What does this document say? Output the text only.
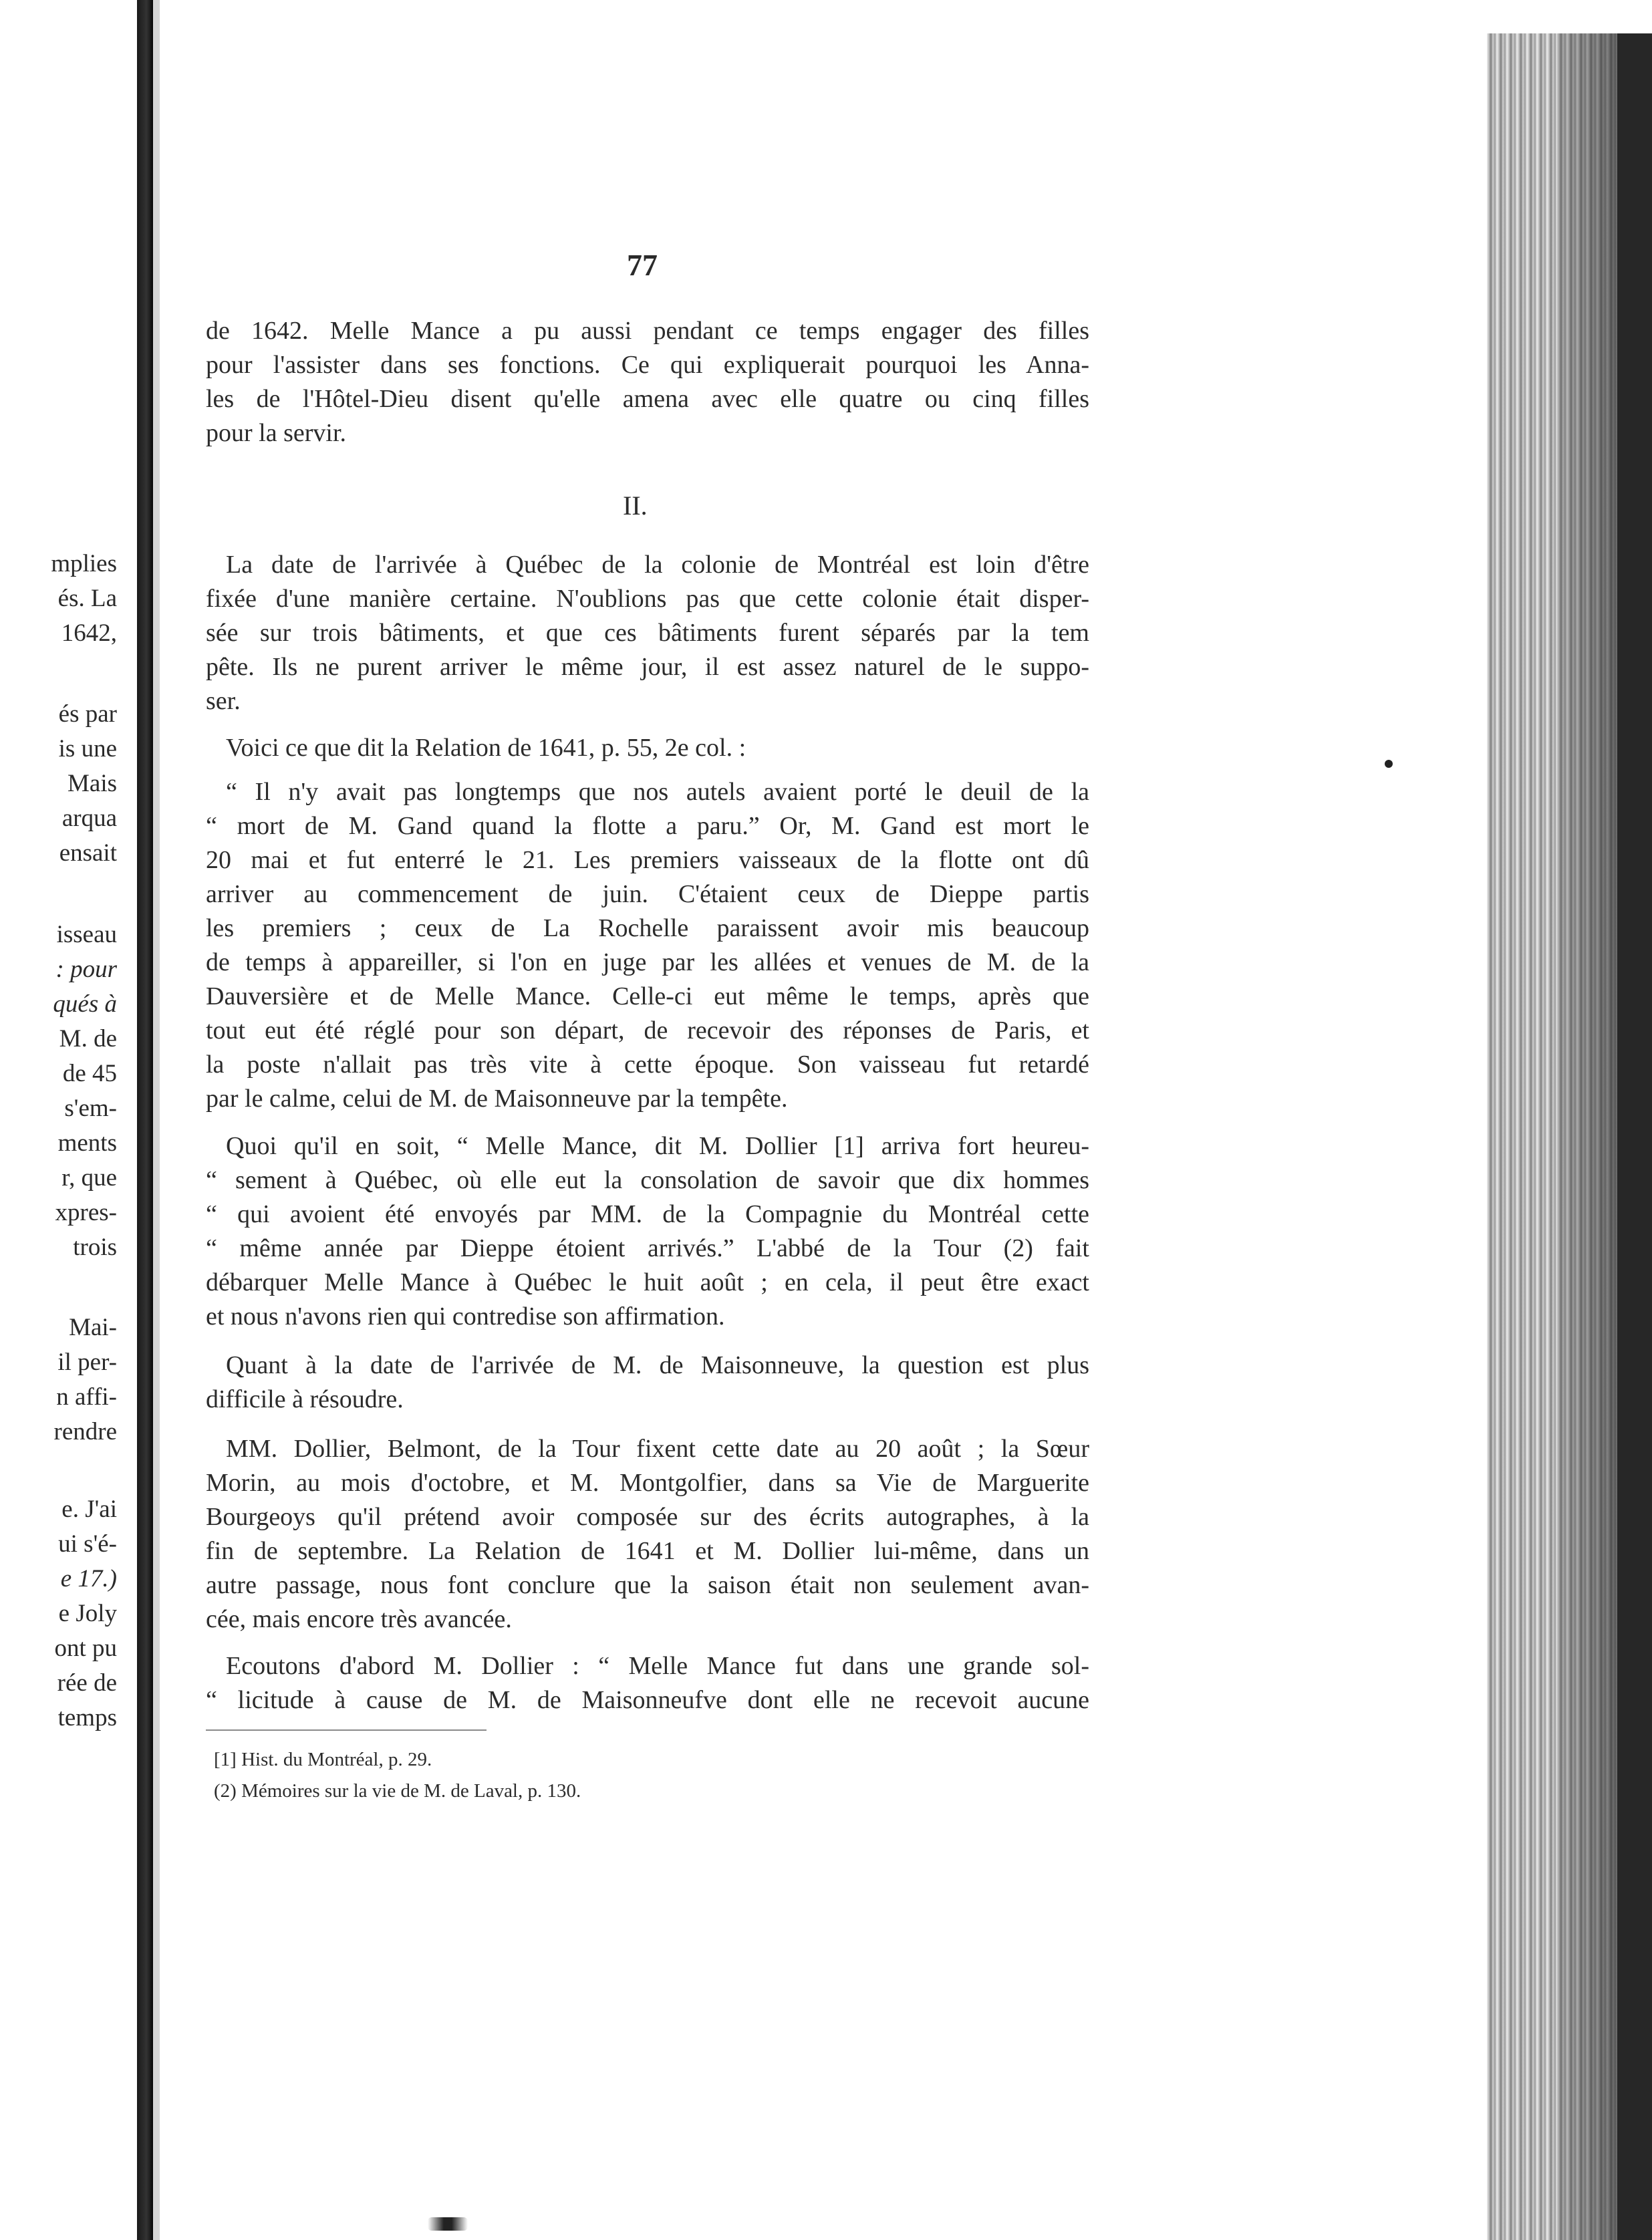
mplies
és. La
1642,
és par
is une
Mais
arqua
ensait
isseau
: pour
qués à
M. de
de 45
s'em-
ments
r, que
xpres-
trois
Mai-
il per-
n affi-
rendre
e. J'ai
ui s'é-
e 17.)
e Joly
ont pu
rée de
temps
77
II.
de 1642. Melle Mance a pu aussi pendant ce temps engager des filles
pour l'assister dans ses fonctions. Ce qui expliquerait pourquoi les Anna-
les de l'Hôtel-Dieu disent qu'elle amena avec elle quatre ou cinq filles
pour la servir.
La date de l'arrivée à Québec de la colonie de Montréal est loin d'être
fixée d'une manière certaine. N'oublions pas que cette colonie était disper-
sée sur trois bâtiments, et que ces bâtiments furent séparés par la tem
pête. Ils ne purent arriver le même jour, il est assez naturel de le suppo-
ser.
Voici ce que dit la Relation de 1641, p. 55, 2e col. :
“ Il n'y avait pas longtemps que nos autels avaient porté le deuil de la
“ mort de M. Gand quand la flotte a paru.” Or, M. Gand est mort le
20 mai et fut enterré le 21. Les premiers vaisseaux de la flotte ont dû
arriver au commencement de juin. C'étaient ceux de Dieppe partis
les premiers ; ceux de La Rochelle paraissent avoir mis beaucoup
de temps à appareiller, si l'on en juge par les allées et venues de M. de la
Dauversière et de Melle Mance. Celle-ci eut même le temps, après que
tout eut été réglé pour son départ, de recevoir des réponses de Paris, et
la poste n'allait pas très vite à cette époque. Son vaisseau fut retardé
par le calme, celui de M. de Maisonneuve par la tempête.
Quoi qu'il en soit, “ Melle Mance, dit M. Dollier [1] arriva fort heureu-
“ sement à Québec, où elle eut la consolation de savoir que dix hommes
“ qui avoient été envoyés par MM. de la Compagnie du Montréal cette
“ même année par Dieppe étoient arrivés.” L'abbé de la Tour (2) fait
débarquer Melle Mance à Québec le huit août ; en cela, il peut être exact
et nous n'avons rien qui contredise son affirmation.
Quant à la date de l'arrivée de M. de Maisonneuve, la question est plus
difficile à résoudre.
MM. Dollier, Belmont, de la Tour fixent cette date au 20 août ; la Sœur
Morin, au mois d'octobre, et M. Montgolfier, dans sa Vie de Marguerite
Bourgeoys qu'il prétend avoir composée sur des écrits autographes, à la
fin de septembre. La Relation de 1641 et M. Dollier lui-même, dans un
autre passage, nous font conclure que la saison était non seulement avan-
cée, mais encore très avancée.
Ecoutons d'abord M. Dollier : “ Melle Mance fut dans une grande sol-
“ licitude à cause de M. de Maisonneufve dont elle ne recevoit aucune
[1] Hist. du Montréal, p. 29.
(2) Mémoires sur la vie de M. de Laval, p. 130.
